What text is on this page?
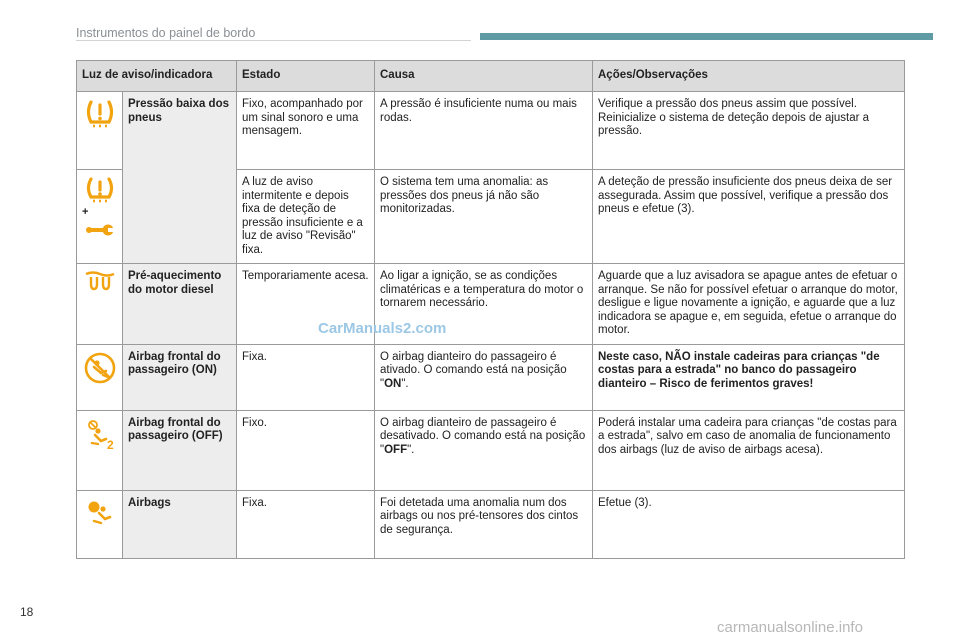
Instrumentos do painel de bordo
Luz de aviso/indicadora		Estado	Causa	Ações/Observações

	Pressão baixa dos pneus	Fixo, acompanhado por um sinal sonoro e uma mensagem.	A pressão é insuficiente numa ou mais rodas.	Verifique a pressão dos pneus assim que possível. Reinicialize o sistema de deteção depois de ajustar a pressão.

+		A luz de aviso intermitente e depois fixa de deteção de pressão insuficiente e a luz de aviso "Revisão" fixa.	O sistema tem uma anomalia: as pressões dos pneus já não são monitorizadas.	A deteção de pressão insuficiente dos pneus deixa de ser assegurada. Assim que possível, verifique a pressão dos pneus e efetue (3).

	Pré-aquecimento do motor diesel	Temporariamente acesa.	Ao ligar a ignição, se as condições climatéricas e a temperatura do motor o tornarem necessário.	Aguarde que a luz avisadora se apague antes de efetuar o arranque. Se não for possível efetuar o arranque do motor, desligue e ligue novamente a ignição, e aguarde que a luz indicadora se apague e, em seguida, efetue o arranque do motor.

	Airbag frontal do passageiro (ON)	Fixa.	O airbag dianteiro do passageiro é ativado. O comando está na posição "ON".	Neste caso, NÃO instale cadeiras para crianças "de costas para a estrada" no banco do passageiro dianteiro – Risco de ferimentos graves!

2	Airbag frontal do passageiro (OFF)	Fixo.	O airbag dianteiro de passageiro é desativado. O comando está na posição "OFF".	Poderá instalar uma cadeira para crianças "de costas para a estrada", salvo em caso de anomalia de funcionamento dos airbags (luz de aviso de airbags acesa).

	Airbags	Fixa.	Foi detetada uma anomalia num dos airbags ou nos pré-tensores dos cintos de segurança.	Efetue (3).
CarManuals2.com
18
carmanualsonline.info
